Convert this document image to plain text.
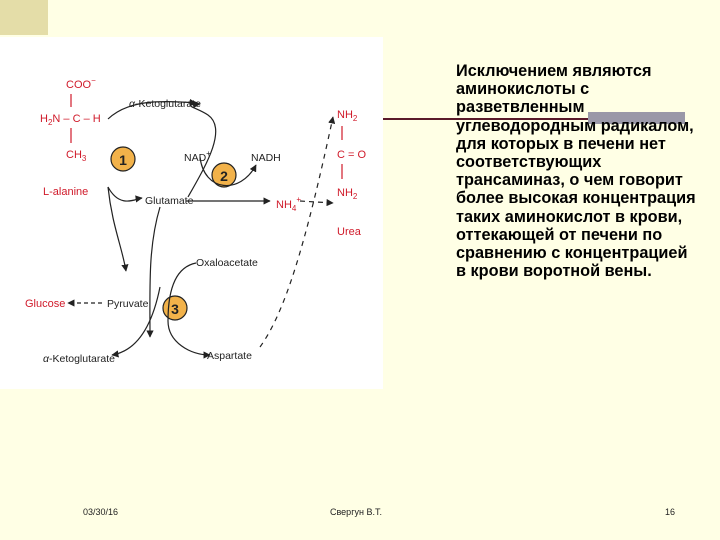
COO−
$H_2N$ – C – H
$CH_3$
L-alanine
1
2
3
α-Ketoglutarate
Glutamate
NAD+	NADH
Oxaloacetate
Pyruvate
α-Ketoglutarate	Aspartate
Glucose
$NH_4^+$
$NH_2$
C = O
$NH_2$
Urea
Исключением являются аминокислоты с разветвленным углеводородным радикалом, для которых в печени нет соответствующих трансаминаз, о чем говорит более высокая концентрация таких аминокислот в крови, оттекающей от печени по сравнению с концентрацией в крови воротной вены.
03/30/16	Свергун В.Т.	16
